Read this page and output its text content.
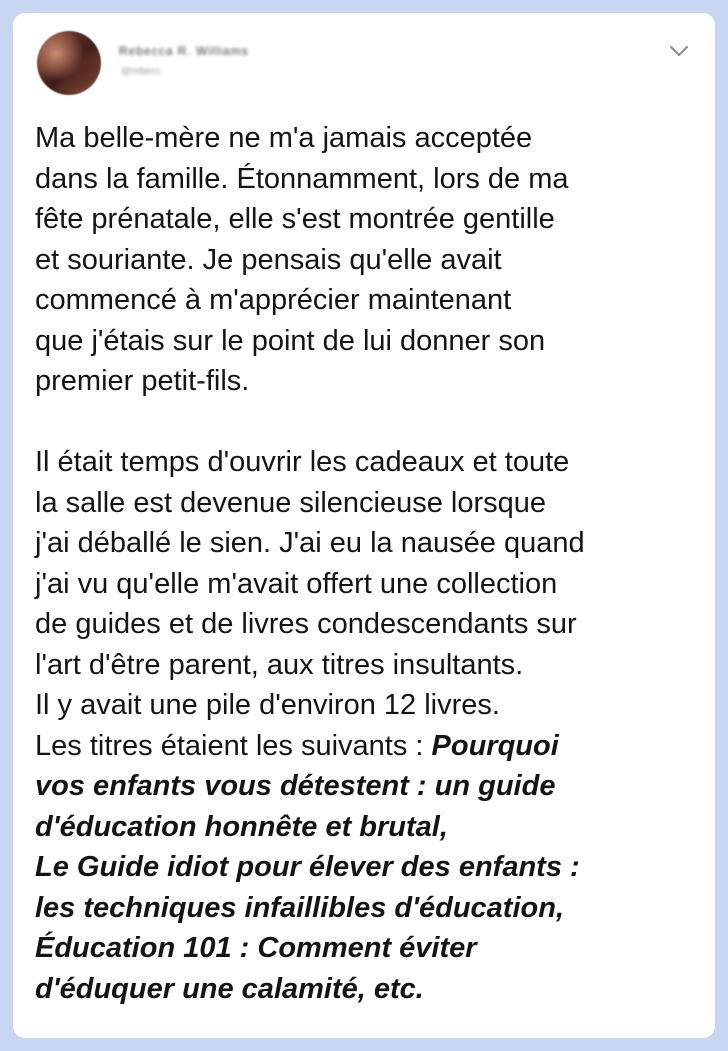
Rebecca R. Williams
@rebecc

Ma belle-mère ne m'a jamais acceptée
dans la famille. Étonnamment, lors de ma
fête prénatale, elle s'est montrée gentille
et souriante. Je pensais qu'elle avait
commencé à m'apprécier maintenant
que j'étais sur le point de lui donner son
premier petit-fils.

Il était temps d'ouvrir les cadeaux et toute
la salle est devenue silencieuse lorsque
j'ai déballé le sien. J'ai eu la nausée quand
j'ai vu qu'elle m'avait offert une collection
de guides et de livres condescendants sur
l'art d'être parent, aux titres insultants.
Il y avait une pile d'environ 12 livres.
Les titres étaient les suivants : Pourquoi
vos enfants vous détestent : un guide
d'éducation honnête et brutal,
Le Guide idiot pour élever des enfants :
les techniques infaillibles d'éducation,
Éducation 101 : Comment éviter
d'éduquer une calamité, etc.
